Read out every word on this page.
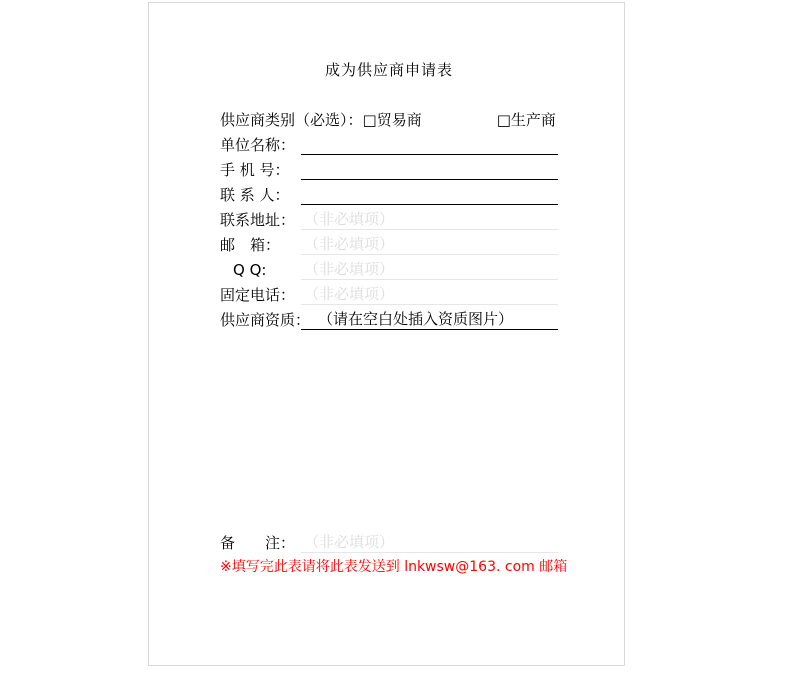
成为供应商申请表
供应商类别（必选）：□贸易商	□生产商
单位名称：
手 机 号：
联 系 人：
联系地址： （非必填项）
邮　箱：	（非必填项）
Q Q:	（非必填项）
固定电话： （非必填项）
供应商资质： （请在空白处插入资质图片）
备　　注： （非必填项）
※填写完此表请将此表发送到 lnkwsw@163. com 邮箱
